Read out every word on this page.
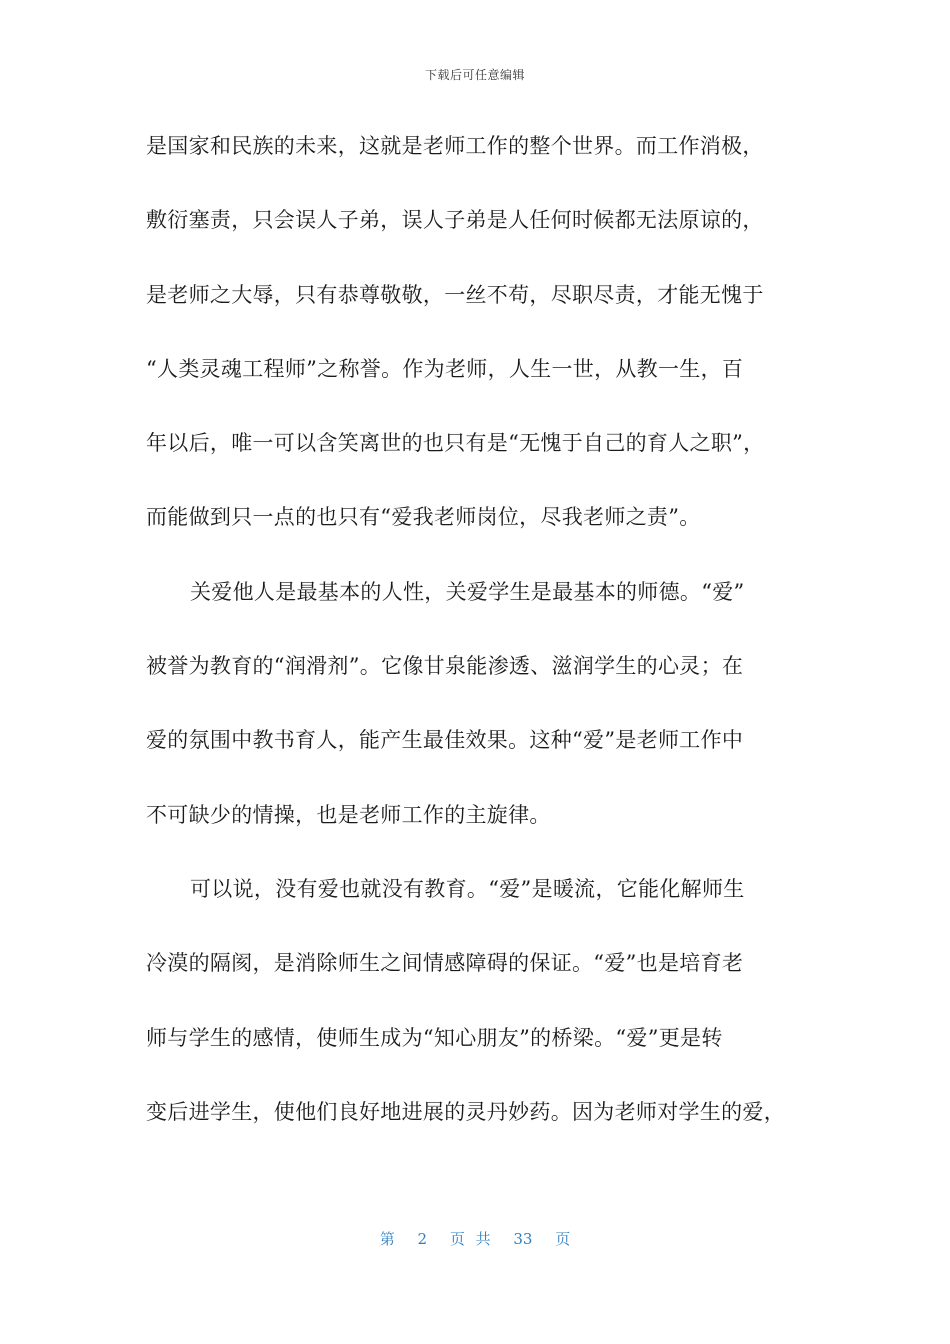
下载后可任意编辑
是国家和民族的未来，这就是老师工作的整个世界。而工作消极，
敷衍塞责，只会误人子弟，误人子弟是人任何时候都无法原谅的，
是老师之大辱，只有恭尊敬敬，一丝不苟，尽职尽责，才能无愧于
“人类灵魂工程师”之称誉。作为老师，人生一世，从教一生，百
年以后，唯一可以含笑离世的也只有是“无愧于自己的育人之职”，
而能做到只一点的也只有“爱我老师岗位，尽我老师之责”。
关爱他人是最基本的人性，关爱学生是最基本的师德。“爱”
被誉为教育的“润滑剂”。它像甘泉能渗透、滋润学生的心灵；在
爱的氛围中教书育人，能产生最佳效果。这种“爱”是老师工作中
不可缺少的情操，也是老师工作的主旋律。
可以说，没有爱也就没有教育。“爱”是暖流，它能化解师生
冷漠的隔阂，是消除师生之间情感障碍的保证。“爱”也是培育老
师与学生的感情，使师生成为“知心朋友”的桥梁。“爱”更是转
变后进学生，使他们良好地进展的灵丹妙药。因为老师对学生的爱，
第 2 页 共 33 页
